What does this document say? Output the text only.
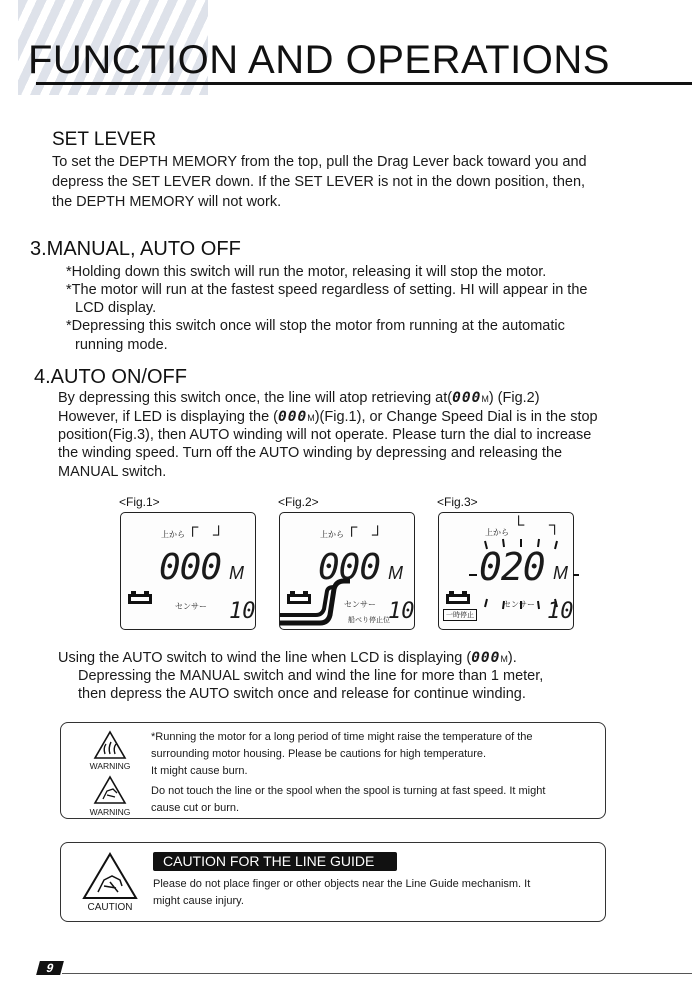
FUNCTION AND OPERATIONS
SET LEVER

To set the DEPTH MEMORY from the top, pull the Drag Lever back toward you and

depress the SET LEVER down. If the SET LEVER is not in the down position, then,

the DEPTH MEMORY will not work.

3.MANUAL, AUTO OFF

*Holding down this switch will run the motor, releasing it will stop the motor.

*The motor will run at the fastest speed regardless of setting. HI will appear in the

LCD display.

*Depressing this switch once will stop the motor from running at the automatic

running mode.

4.AUTO ON/OFF

By depressing this switch once, the line will atop retrieving at(000M) (Fig.2)

However, if LED is displaying the (000M)(Fig.1), or Change Speed Dial is in the stop

position(Fig.3), then AUTO winding will not operate. Please turn the dial to increase

the winding speed. Turn off the AUTO winding by depressing and releasing the

MANUAL switch.

<Fig.1>	<Fig.2>	<Fig.3>
上から ┌ ┘
000 M
センサー 10
上から ┌ ┘
000 M
センサー
船べり停止位
10
上から └ ┐
020 M
一時停止
センサー 10

Using the AUTO switch to wind the line when LCD is displaying (000M).

Depressing the MANUAL switch and wind the line for more than 1 meter,

then depress the AUTO switch once and release for continue winding.

WARNING
WARNING
*Running the motor for a long period of time might raise the temperature of the
surrounding motor housing. Please be cautions for high temperature.
It might cause burn.
Do not touch the line or the spool when the spool is turning at fast speed. It might
cause cut or burn.
CAUTION
CAUTION FOR THE LINE GUIDE
Please do not place finger or other objects near the Line Guide mechanism. It
might cause injury.
9
